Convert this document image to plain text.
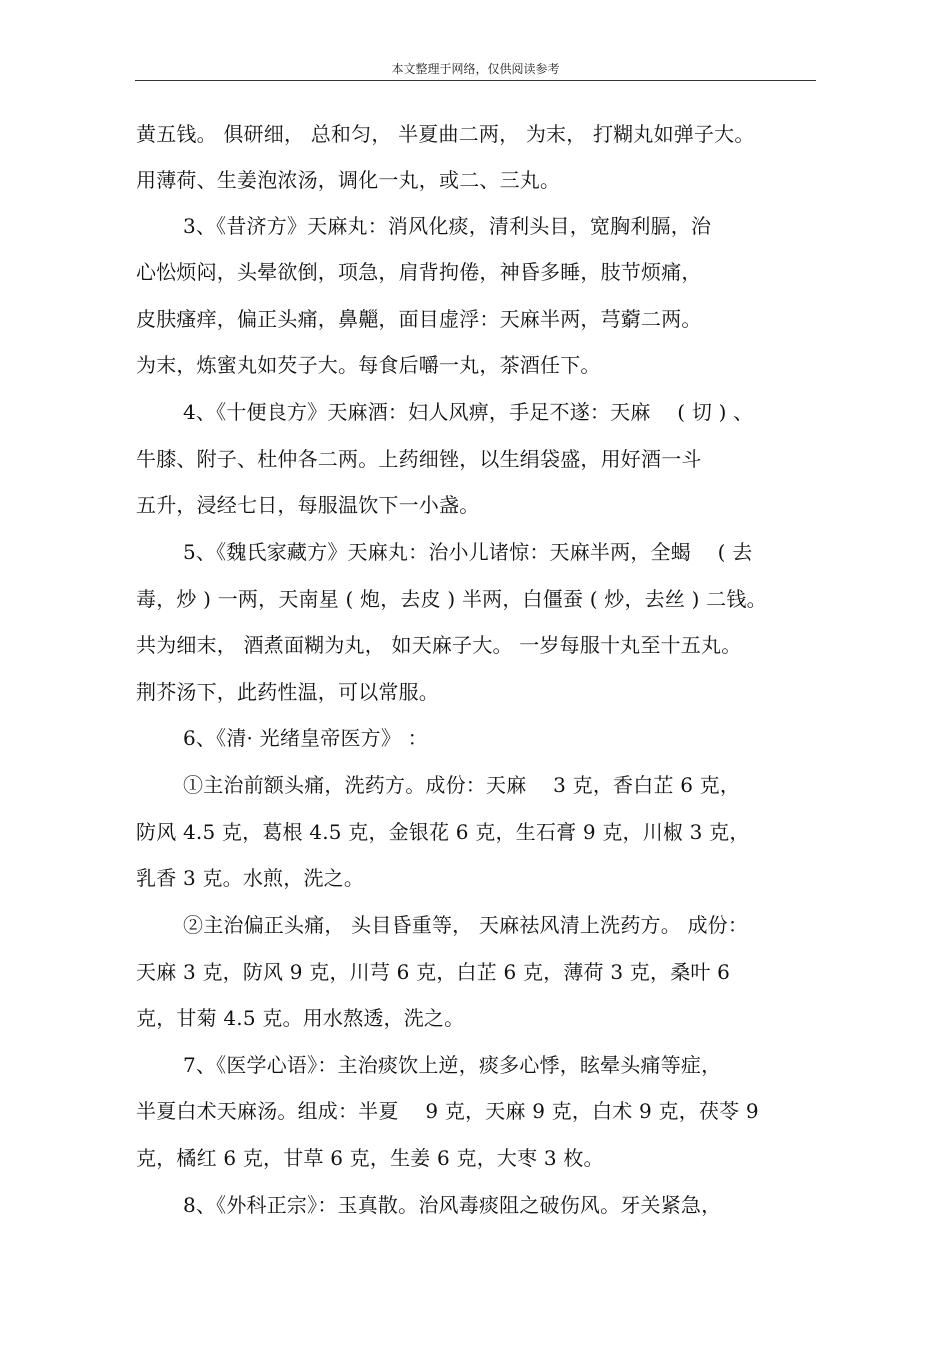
本文整理于网络，仅供阅读参考
黄五钱。 俱研细， 总和匀， 半夏曲二两， 为末， 打糊丸如弹子大。
用薄荷、生姜泡浓汤，调化一丸，或二、三丸。
3、《昔济方》天麻丸：消风化痰，清利头目，宽胸利膈，治
心忪烦闷，头晕欲倒，项急，肩背拘倦，神昏多睡，肢节烦痛，
皮肤瘙痒，偏正头痛，鼻齆，面目虚浮：天麻半两，芎藭二两。
为末，炼蜜丸如芡子大。每食后嚼一丸，茶酒任下。
4、《十便良方》天麻酒：妇人风痹，手足不遂：天麻　 ( 切 ) 、
牛膝、附子、杜仲各二两。上药细锉，以生绢袋盛，用好酒一斗
五升，浸经七日，每服温饮下一小盏。
5、《魏氏家藏方》天麻丸：治小儿诸惊：天麻半两，全蝎　 ( 去
毒，炒 ) 一两，天南星 ( 炮，去皮 ) 半两，白僵蚕 ( 炒，去丝 ) 二钱。
共为细末， 酒煮面糊为丸， 如天麻子大。 一岁每服十丸至十五丸。
荆芥汤下，此药性温，可以常服。
6、《清· 光绪皇帝医方》 ：
①主治前额头痛，洗药方。成份：天麻　 3 克，香白芷 6 克，
防风 4.5 克，葛根 4.5 克，金银花 6 克，生石膏 9 克，川椒 3 克，
乳香 3 克。水煎，洗之。
②主治偏正头痛， 头目昏重等， 天麻祛风清上洗药方。 成份：
天麻 3 克，防风 9 克，川芎 6 克，白芷 6 克，薄荷 3 克，桑叶 6
克，甘菊 4.5 克。用水熬透，洗之。
7、《医学心语》：主治痰饮上逆，痰多心悸，眩晕头痛等症，
半夏白术天麻汤。组成：半夏　 9 克，天麻 9 克，白术 9 克，茯苓 9
克，橘红 6 克，甘草 6 克，生姜 6 克，大枣 3 枚。
8、《外科正宗》：玉真散。治风毒痰阻之破伤风。牙关紧急，
